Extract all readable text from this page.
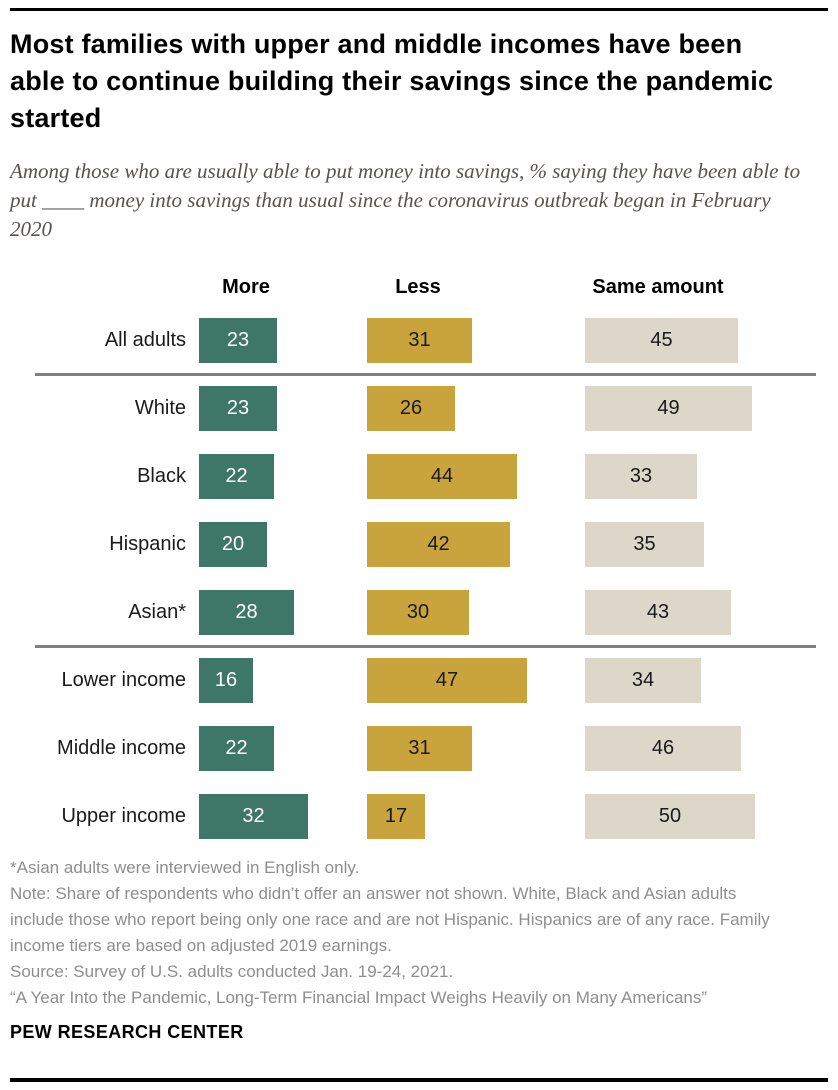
Most families with upper and middle incomes have been able to continue building their savings since the pandemic started

Among those who are usually able to put money into savings, % saying they have been able to put ____ money into savings than usual since the coronavirus outbreak began in February 2020

More	Less	Same amount
All adults	23	31	45
White	23	26	49
Black	22	44	33
Hispanic	20	42	35
Asian*	28	30	43
Lower income	16	47	34
Middle income	22	31	46
Upper income	32	17	50

*Asian adults were interviewed in English only.

Note: Share of respondents who didn’t offer an answer not shown. White, Black and Asian adults include those who report being only one race and are not Hispanic. Hispanics are of any race. Family income tiers are based on adjusted 2019 earnings.

Source: Survey of U.S. adults conducted Jan. 19-24, 2021.

“A Year Into the Pandemic, Long-Term Financial Impact Weighs Heavily on Many Americans”

PEW RESEARCH CENTER
